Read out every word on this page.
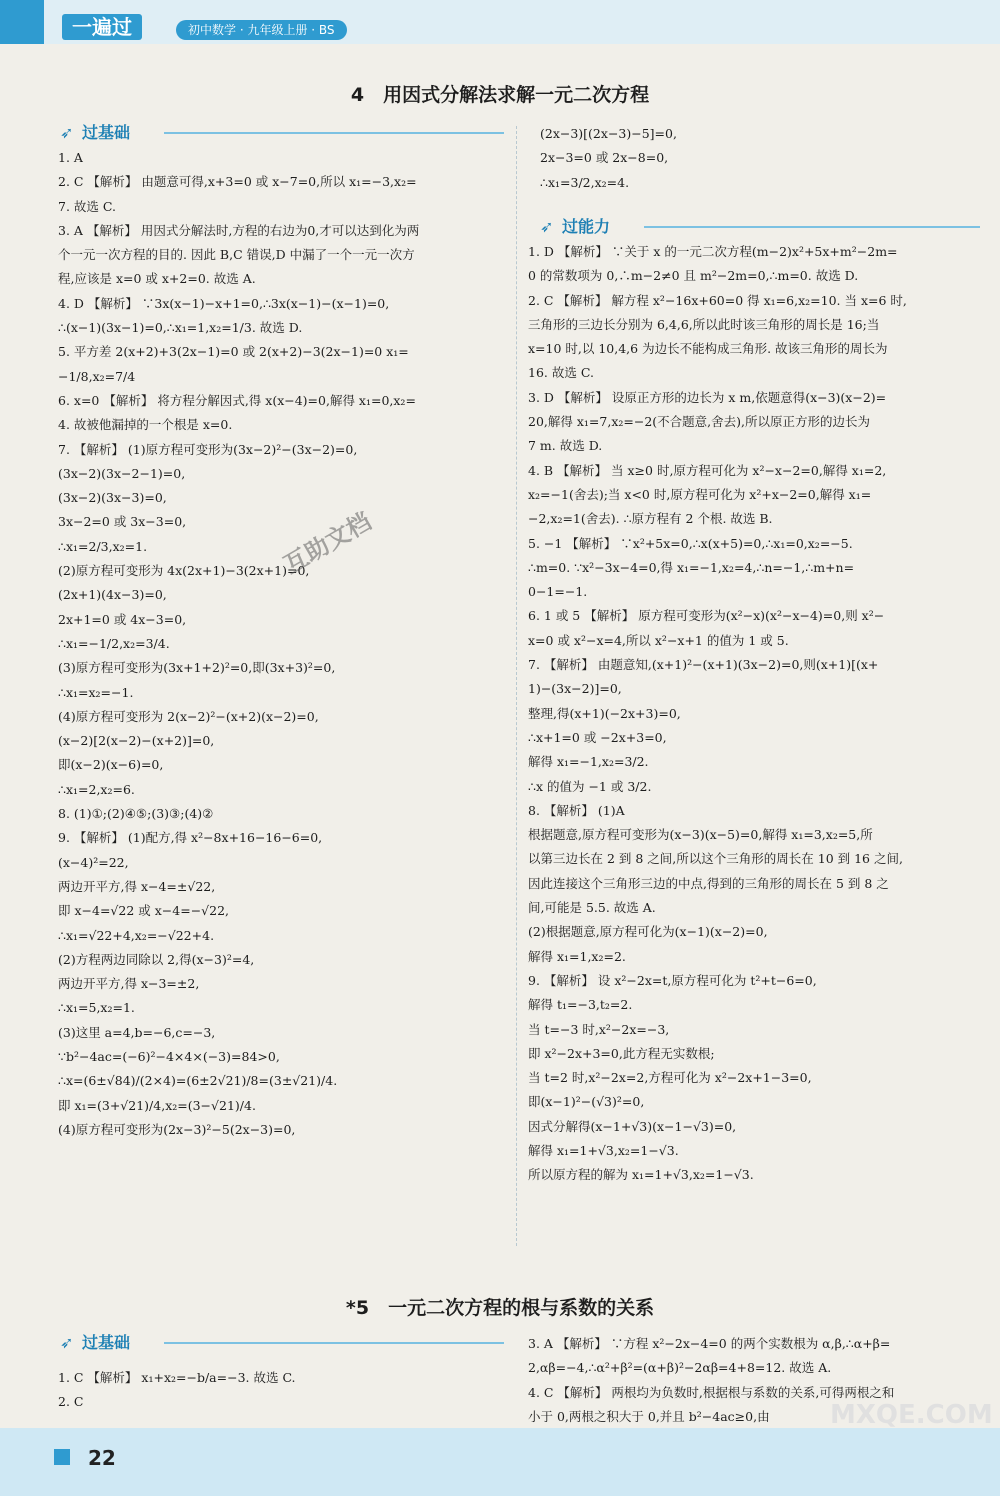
一遍过	初中数学 · 九年级上册 · BS
4　用因式分解法求解一元二次方程
➶ 过基础

1. A

2. C 【解析】 由题意可得,x+3=0 或 x−7=0,所以 x₁=−3,x₂=

7. 故选 C.

3. A 【解析】 用因式分解法时,方程的右边为0,才可以达到化为两

个一元一次方程的目的. 因此 B,C 错误,D 中漏了一个一元一次方

程,应该是 x=0 或 x+2=0. 故选 A.

4. D 【解析】 ∵3x(x−1)−x+1=0,∴3x(x−1)−(x−1)=0,

∴(x−1)(3x−1)=0,∴x₁=1,x₂=1/3. 故选 D.

5. 平方差 2(x+2)+3(2x−1)=0 或 2(x+2)−3(2x−1)=0 x₁=

−1/8,x₂=7/4

6. x=0 【解析】 将方程分解因式,得 x(x−4)=0,解得 x₁=0,x₂=

4. 故被他漏掉的一个根是 x=0.

7. 【解析】 (1)原方程可变形为(3x−2)²−(3x−2)=0,

(3x−2)(3x−2−1)=0,

(3x−2)(3x−3)=0,

3x−2=0 或 3x−3=0,

∴x₁=2/3,x₂=1.

(2)原方程可变形为 4x(2x+1)−3(2x+1)=0,

(2x+1)(4x−3)=0,

2x+1=0 或 4x−3=0,

∴x₁=−1/2,x₂=3/4.

(3)原方程可变形为(3x+1+2)²=0,即(3x+3)²=0,

∴x₁=x₂=−1.

(4)原方程可变形为 2(x−2)²−(x+2)(x−2)=0,

(x−2)[2(x−2)−(x+2)]=0,

即(x−2)(x−6)=0,

∴x₁=2,x₂=6.

8. (1)①;(2)④⑤;(3)③;(4)②

9. 【解析】 (1)配方,得 x²−8x+16−16−6=0,

(x−4)²=22,

两边开平方,得 x−4=±√22,

即 x−4=√22 或 x−4=−√22,

∴x₁=√22+4,x₂=−√22+4.

(2)方程两边同除以 2,得(x−3)²=4,

两边开平方,得 x−3=±2,

∴x₁=5,x₂=1.

(3)这里 a=4,b=−6,c=−3,

∵b²−4ac=(−6)²−4×4×(−3)=84>0,

∴x=(6±√84)/(2×4)=(6±2√21)/8=(3±√21)/4.

即 x₁=(3+√21)/4,x₂=(3−√21)/4.

(4)原方程可变形为(2x−3)²−5(2x−3)=0,

(2x−3)[(2x−3)−5]=0,

2x−3=0 或 2x−8=0,

∴x₁=3/2,x₂=4.

➶ 过能力

1. D 【解析】 ∵关于 x 的一元二次方程(m−2)x²+5x+m²−2m=

0 的常数项为 0,∴m−2≠0 且 m²−2m=0,∴m=0. 故选 D.

2. C 【解析】 解方程 x²−16x+60=0 得 x₁=6,x₂=10. 当 x=6 时,

三角形的三边长分别为 6,4,6,所以此时该三角形的周长是 16;当

x=10 时,以 10,4,6 为边长不能构成三角形. 故该三角形的周长为

16. 故选 C.

3. D 【解析】 设原正方形的边长为 x m,依题意得(x−3)(x−2)=

20,解得 x₁=7,x₂=−2(不合题意,舍去),所以原正方形的边长为

7 m. 故选 D.

4. B 【解析】 当 x≥0 时,原方程可化为 x²−x−2=0,解得 x₁=2,

x₂=−1(舍去);当 x<0 时,原方程可化为 x²+x−2=0,解得 x₁=

−2,x₂=1(舍去). ∴原方程有 2 个根. 故选 B.

5. −1 【解析】 ∵x²+5x=0,∴x(x+5)=0,∴x₁=0,x₂=−5.

∴m=0. ∵x²−3x−4=0,得 x₁=−1,x₂=4,∴n=−1,∴m+n=

0−1=−1.

6. 1 或 5 【解析】 原方程可变形为(x²−x)(x²−x−4)=0,则 x²−

x=0 或 x²−x=4,所以 x²−x+1 的值为 1 或 5.

7. 【解析】 由题意知,(x+1)²−(x+1)(3x−2)=0,则(x+1)[(x+

1)−(3x−2)]=0,

整理,得(x+1)(−2x+3)=0,

∴x+1=0 或 −2x+3=0,

解得 x₁=−1,x₂=3/2.

∴x 的值为 −1 或 3/2.

8. 【解析】 (1)A

根据题意,原方程可变形为(x−3)(x−5)=0,解得 x₁=3,x₂=5,所

以第三边长在 2 到 8 之间,所以这个三角形的周长在 10 到 16 之间,

因此连接这个三角形三边的中点,得到的三角形的周长在 5 到 8 之

间,可能是 5.5. 故选 A.

(2)根据题意,原方程可化为(x−1)(x−2)=0,

解得 x₁=1,x₂=2.

9. 【解析】 设 x²−2x=t,原方程可化为 t²+t−6=0,

解得 t₁=−3,t₂=2.

当 t=−3 时,x²−2x=−3,

即 x²−2x+3=0,此方程无实数根;

当 t=2 时,x²−2x=2,方程可化为 x²−2x+1−3=0,

即(x−1)²−(√3)²=0,

因式分解得(x−1+√3)(x−1−√3)=0,

解得 x₁=1+√3,x₂=1−√3.

所以原方程的解为 x₁=1+√3,x₂=1−√3.

*5　一元二次方程的根与系数的关系
➶ 过基础

1. C 【解析】 x₁+x₂=−b/a=−3. 故选 C.

2. C

3. A 【解析】 ∵方程 x²−2x−4=0 的两个实数根为 α,β,∴α+β=

2,αβ=−4,∴α²+β²=(α+β)²−2αβ=4+8=12. 故选 A.

4. C 【解析】 两根均为负数时,根据根与系数的关系,可得两根之和

小于 0,两根之积大于 0,并且 b²−4ac≥0,由

互助文档
22
MXQE.COM
